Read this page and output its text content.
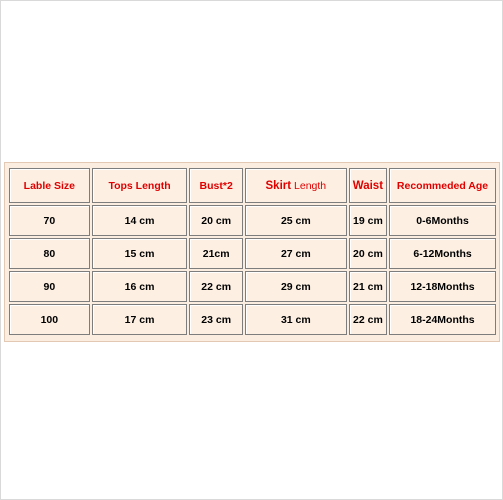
Lable Size	Tops Length	Bust*2	Skirt Length	Waist	Recommeded Age
70	14 cm	20 cm	25 cm	19 cm	0-6Months
80	15 cm	21cm	27 cm	20 cm	6-12Months
90	16 cm	22 cm	29 cm	21 cm	12-18Months
100	17 cm	23 cm	31 cm	22 cm	18-24Months
